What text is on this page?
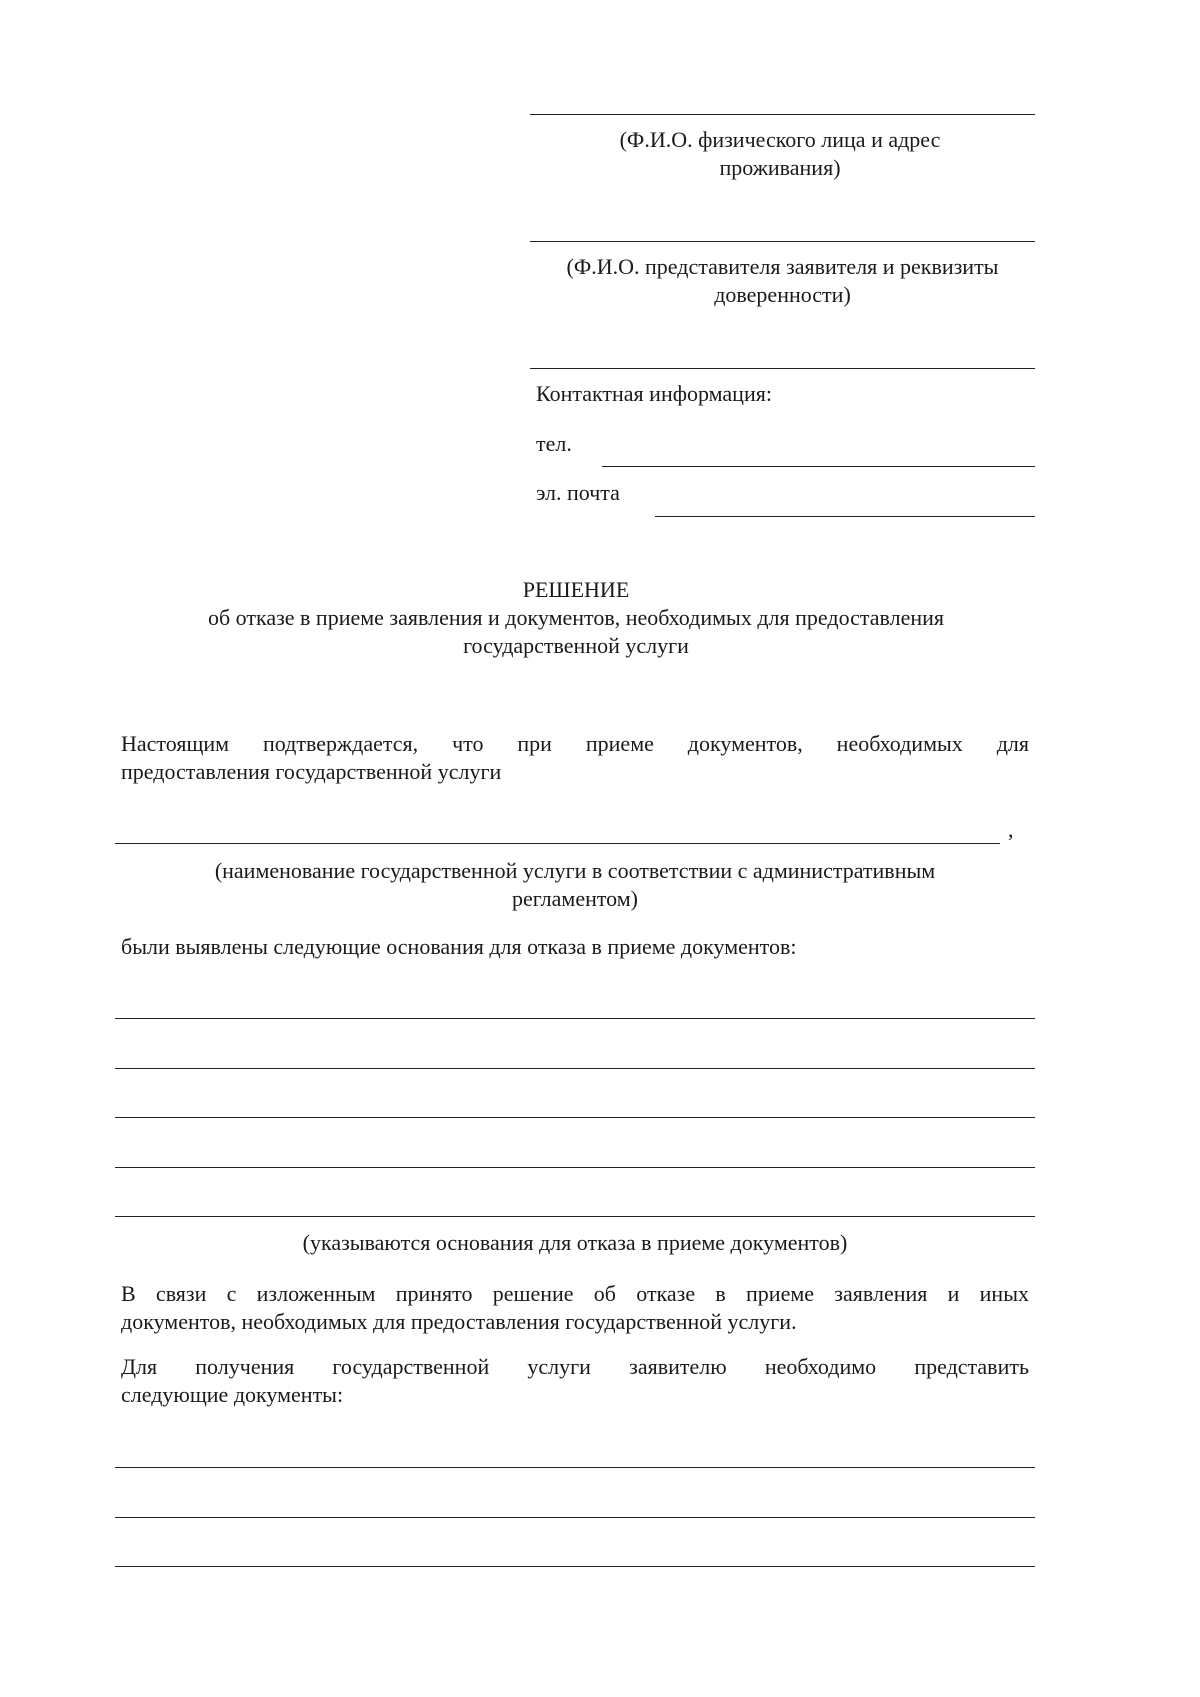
(Ф.И.О. физического лица и адрес проживания)
(Ф.И.О. представителя заявителя и реквизиты доверенности)
Контактная информация:
тел.
эл. почта
РЕШЕНИЕ
об отказе в приеме заявления и документов, необходимых для предоставления
государственной услуги
Настоящим подтверждается, что при приеме документов, необходимых для
предоставления государственной услуги
,
(наименование государственной услуги в соответствии с административным
регламентом)
были выявлены следующие основания для отказа в приеме документов:
(указываются основания для отказа в приеме документов)
В связи с изложенным принято решение об отказе в приеме заявления и иных
документов, необходимых для предоставления государственной услуги.
Для получения государственной услуги заявителю необходимо представить
следующие документы:
